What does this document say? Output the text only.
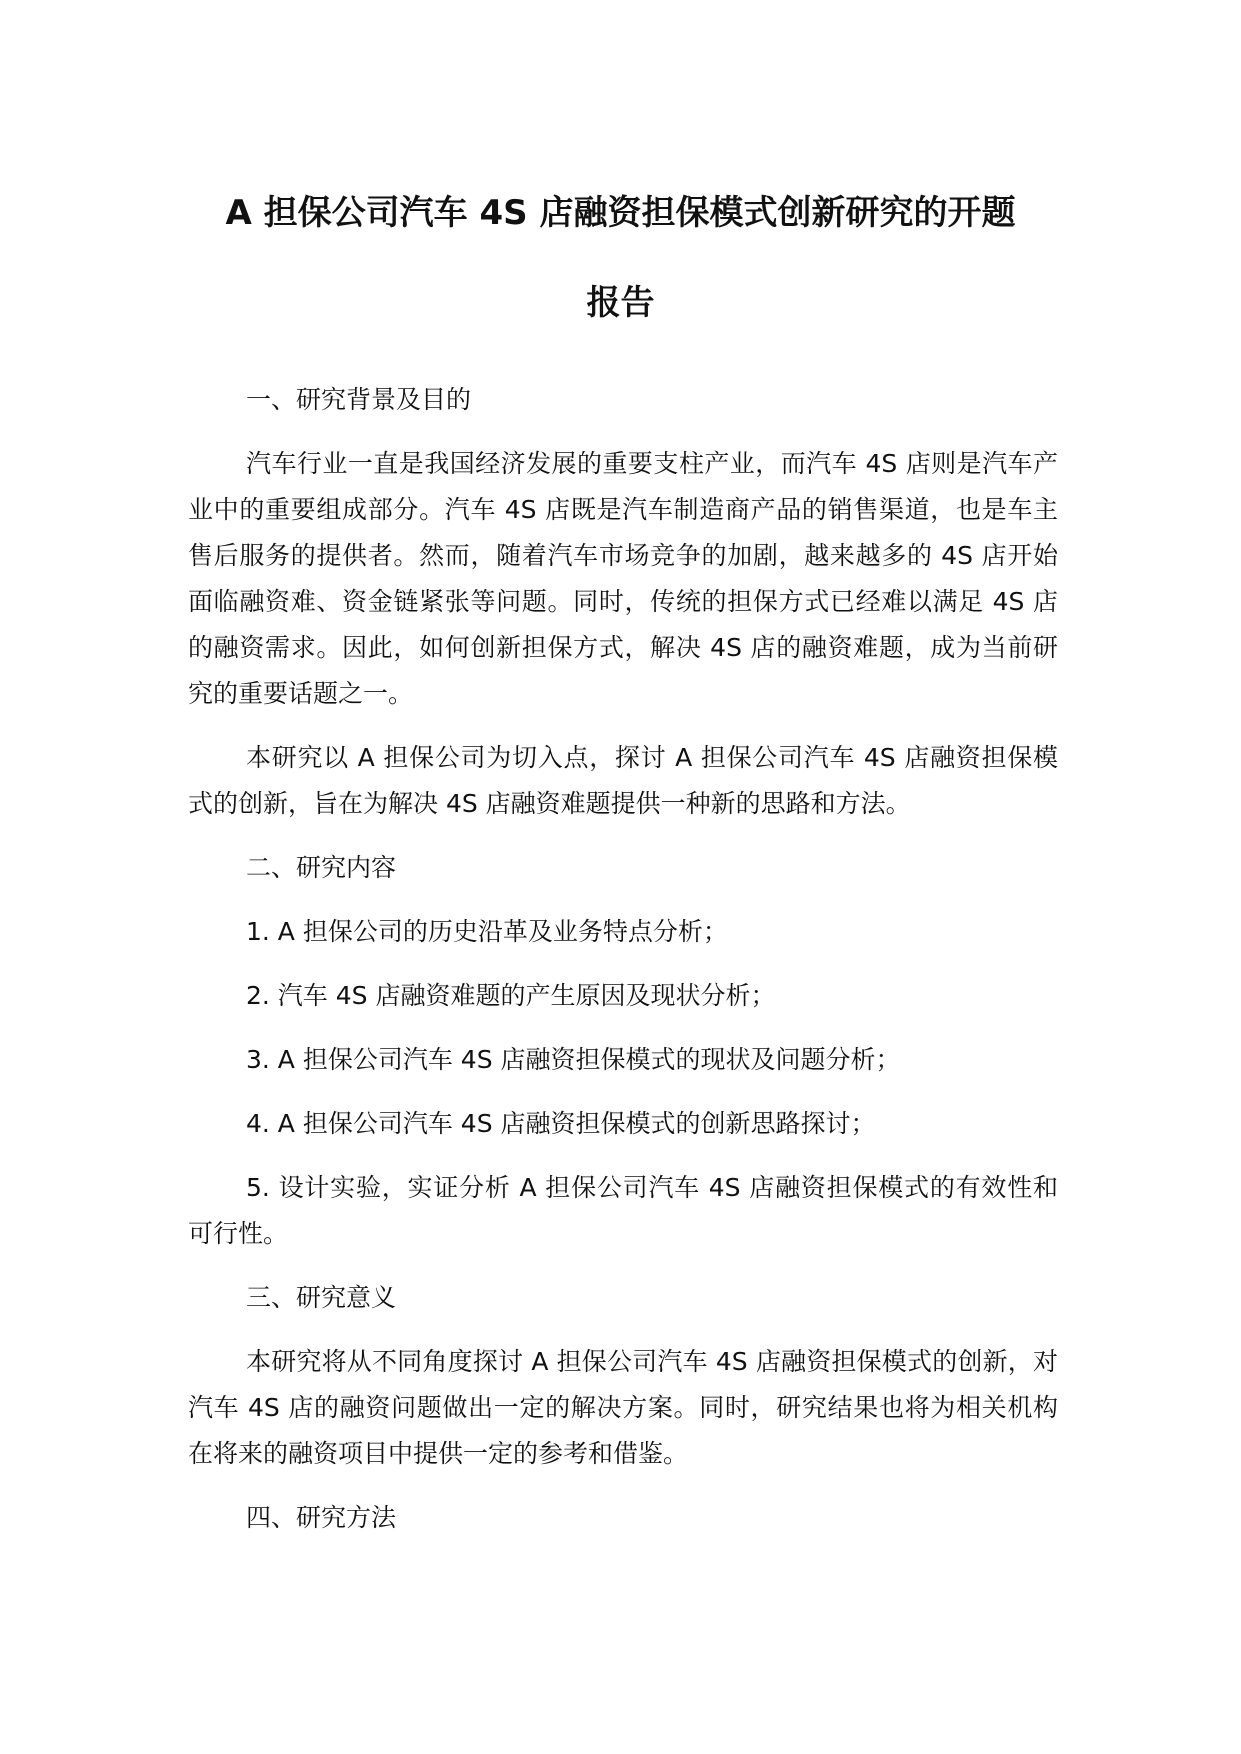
A 担保公司汽车 4S 店融资担保模式创新研究的开题
报告

一、研究背景及目的

汽车行业一直是我国经济发展的重要支柱产业，而汽车 4S 店则是汽车产业中的重要组成部分。汽车 4S 店既是汽车制造商产品的销售渠道，也是车主售后服务的提供者。然而，随着汽车市场竞争的加剧，越来越多的 4S 店开始面临融资难、资金链紧张等问题。同时，传统的担保方式已经难以满足 4S 店的融资需求。因此，如何创新担保方式，解决 4S 店的融资难题，成为当前研究的重要话题之一。

本研究以 A 担保公司为切入点，探讨 A 担保公司汽车 4S 店融资担保模式的创新，旨在为解决 4S 店融资难题提供一种新的思路和方法。

二、研究内容

1. A 担保公司的历史沿革及业务特点分析；

2. 汽车 4S 店融资难题的产生原因及现状分析；

3. A 担保公司汽车 4S 店融资担保模式的现状及问题分析；

4. A 担保公司汽车 4S 店融资担保模式的创新思路探讨；

5. 设计实验，实证分析 A 担保公司汽车 4S 店融资担保模式的有效性和可行性。

三、研究意义

本研究将从不同角度探讨 A 担保公司汽车 4S 店融资担保模式的创新，对汽车 4S 店的融资问题做出一定的解决方案。同时，研究结果也将为相关机构在将来的融资项目中提供一定的参考和借鉴。

四、研究方法
